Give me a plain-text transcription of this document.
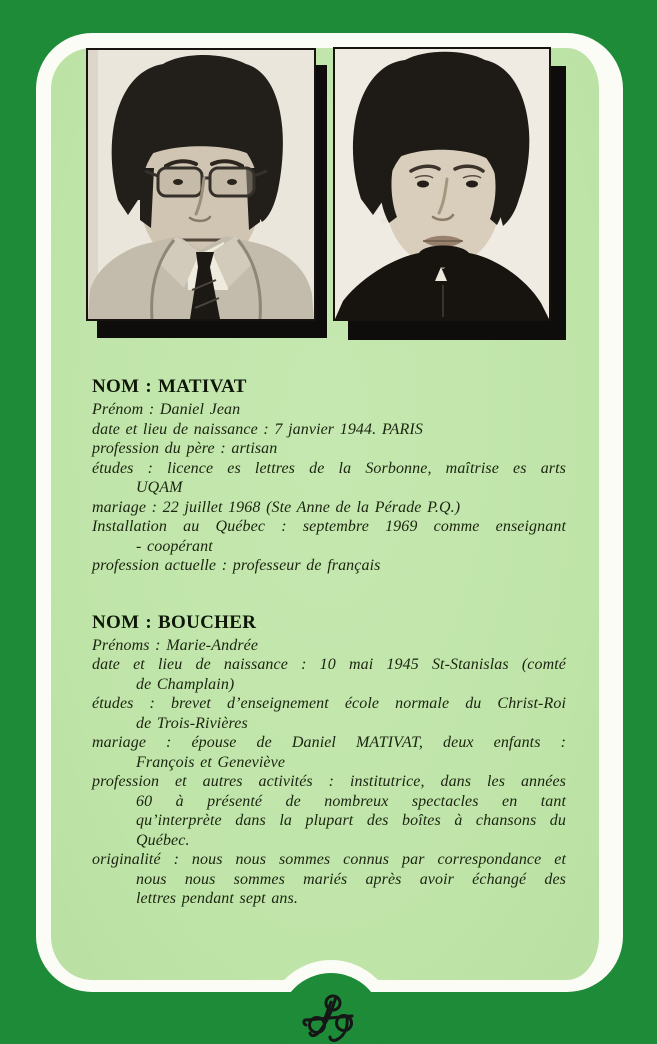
NOM : MATIVAT
Prénom : Daniel Jean
date et lieu de naissance : 7 janvier 1944. PARIS
profession du père : artisan
études : licence es lettres de la Sorbonne, maîtrise es arts
UQAM
mariage : 22 juillet 1968 (Ste Anne de la Pérade P.Q.)
Installation au Québec : septembre 1969 comme enseignant
- coopérant
profession actuelle : professeur de français
NOM : BOUCHER
Prénoms : Marie-Andrée
date et lieu de naissance : 10 mai 1945 St-Stanislas (comté
de Champlain)
études : brevet d’enseignement école normale du Christ-Roi
de Trois-Rivières
mariage : épouse de Daniel MATIVAT, deux enfants :
François et Geneviève
profession et autres activités : institutrice, dans les années
60 à présenté de nombreux spectacles en tant
qu’interprète dans la plupart des boîtes à chansons du
Québec.
originalité : nous nous sommes connus par correspondance et
nous nous sommes mariés après avoir échangé des
lettres pendant sept ans.
